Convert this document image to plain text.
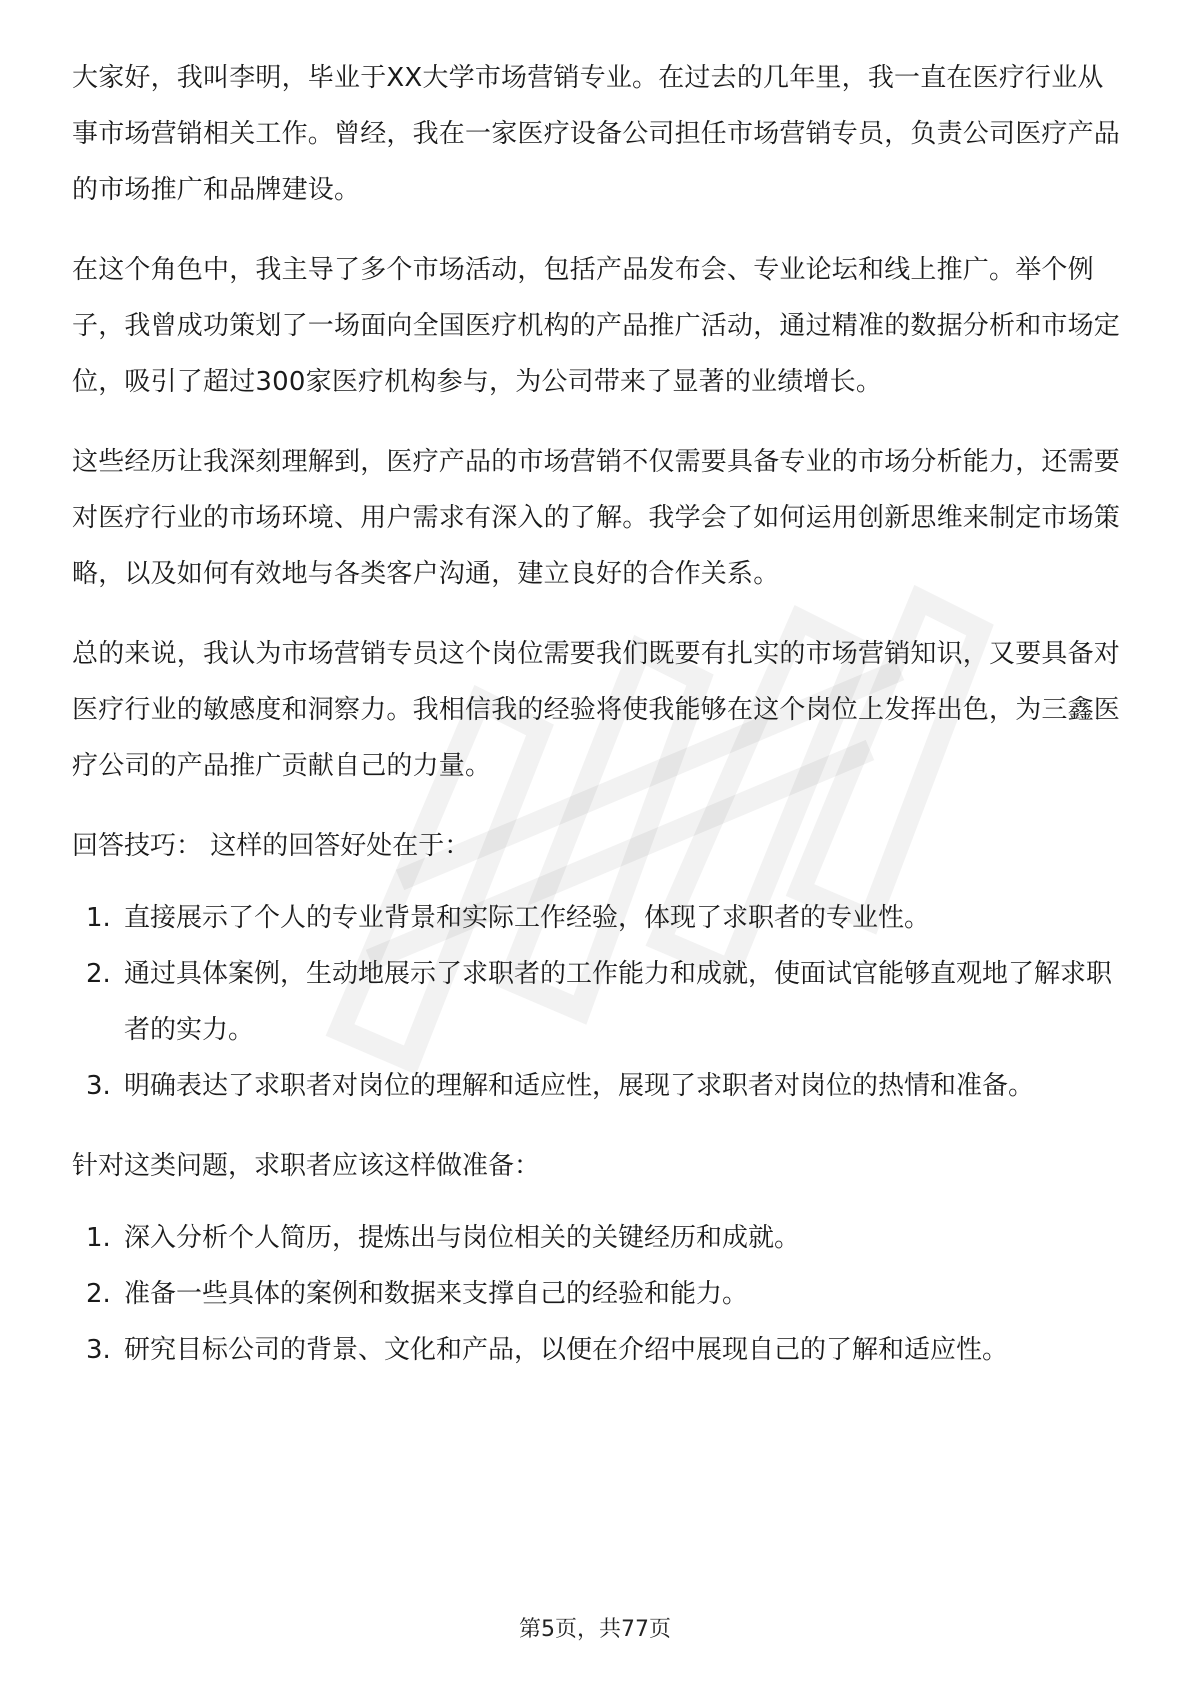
大家好，我叫李明，毕业于XX大学市场营销专业。在过去的几年里，我一直在医疗行业从事市场营销相关工作。曾经，我在一家医疗设备公司担任市场营销专员，负责公司医疗产品的市场推广和品牌建设。

在这个角色中，我主导了多个市场活动，包括产品发布会、专业论坛和线上推广。举个例子，我曾成功策划了一场面向全国医疗机构的产品推广活动，通过精准的数据分析和市场定位，吸引了超过300家医疗机构参与，为公司带来了显著的业绩增长。

这些经历让我深刻理解到，医疗产品的市场营销不仅需要具备专业的市场分析能力，还需要对医疗行业的市场环境、用户需求有深入的了解。我学会了如何运用创新思维来制定市场策略，以及如何有效地与各类客户沟通，建立良好的合作关系。

总的来说，我认为市场营销专员这个岗位需要我们既要有扎实的市场营销知识，又要具备对医疗行业的敏感度和洞察力。我相信我的经验将使我能够在这个岗位上发挥出色，为三鑫医疗公司的产品推广贡献自己的力量。

回答技巧： 这样的回答好处在于：
1. 直接展示了个人的专业背景和实际工作经验，体现了求职者的专业性。
2. 通过具体案例，生动地展示了求职者的工作能力和成就，使面试官能够直观地了解求职者的实力。
3. 明确表达了求职者对岗位的理解和适应性，展现了求职者对岗位的热情和准备。
针对这类问题，求职者应该这样做准备：
1. 深入分析个人简历，提炼出与岗位相关的关键经历和成就。
2. 准备一些具体的案例和数据来支撑自己的经验和能力。
3. 研究目标公司的背景、文化和产品，以便在介绍中展现自己的了解和适应性。
第5页，共77页
